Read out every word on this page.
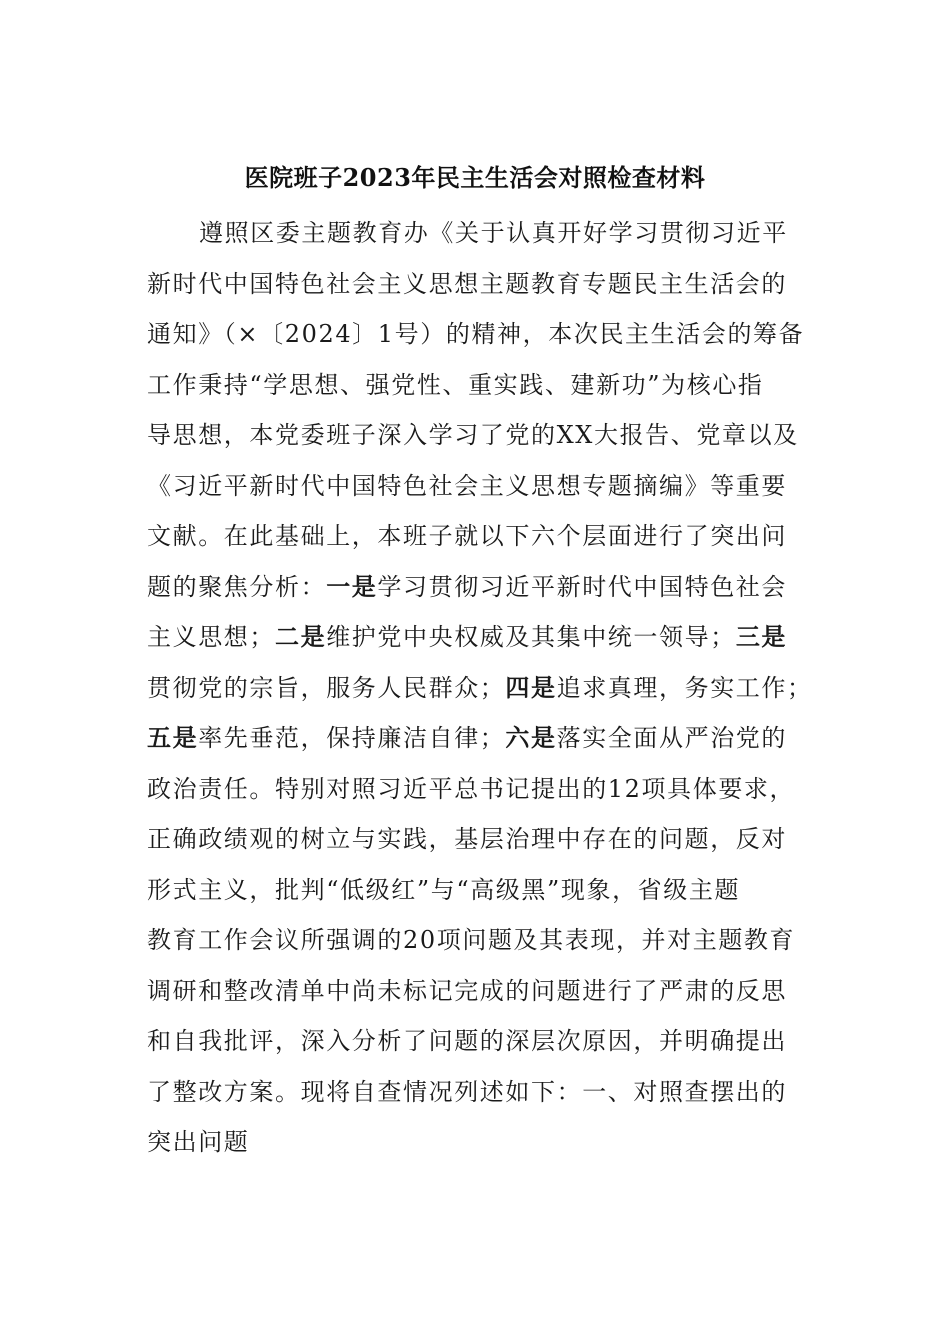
医院班子2023年民主生活会对照检查材料
遵照区委主题教育办《关于认真开好学习贯彻习近平
新时代中国特色社会主义思想主题教育专题民主生活会的
通知》（×〔2024〕1号）的精神，本次民主生活会的筹备
工作秉持“学思想、强党性、重实践、建新功”为核心指
导思想，本党委班子深入学习了党的XX大报告、党章以及
《习近平新时代中国特色社会主义思想专题摘编》等重要
文献。在此基础上，本班子就以下六个层面进行了突出问
题的聚焦分析：一是学习贯彻习近平新时代中国特色社会
主义思想；二是维护党中央权威及其集中统一领导；三是
贯彻党的宗旨，服务人民群众；四是追求真理，务实工作；
五是率先垂范，保持廉洁自律；六是落实全面从严治党的
政治责任。特别对照习近平总书记提出的12项具体要求，
正确政绩观的树立与实践，基层治理中存在的问题，反对
形式主义，批判“低级红”与“高级黑”现象，省级主题
教育工作会议所强调的20项问题及其表现，并对主题教育
调研和整改清单中尚未标记完成的问题进行了严肃的反思
和自我批评，深入分析了问题的深层次原因，并明确提出
了整改方案。现将自查情况列述如下：一、对照查摆出的
突出问题
